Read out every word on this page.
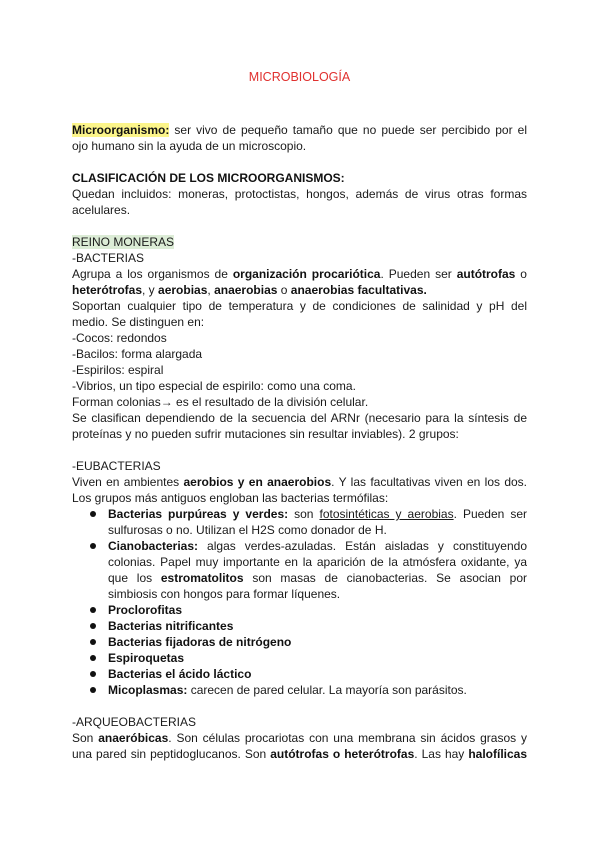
MICROBIOLOGÍA
Microorganismo: ser vivo de pequeño tamaño que no puede ser percibido por el
ojo humano sin la ayuda de un microscopio.
CLASIFICACIÓN DE LOS MICROORGANISMOS:
Quedan incluidos: moneras, protoctistas, hongos, además de virus otras formas
acelulares.
REINO MONERAS
-BACTERIAS
Agrupa a los organismos de organización procariótica. Pueden ser autótrofas o
heterótrofas, y aerobias, anaerobias o anaerobias facultativas.
Soportan cualquier tipo de temperatura y de condiciones de salinidad y pH del
medio. Se distinguen en:
-Cocos: redondos
-Bacilos: forma alargada
-Espirilos: espiral
-Vibrios, un tipo especial de espirilo: como una coma.
Forman colonias→ es el resultado de la división celular.
Se clasifican dependiendo de la secuencia del ARNr (necesario para la síntesis de
proteínas y no pueden sufrir mutaciones sin resultar inviables). 2 grupos:
-EUBACTERIAS
Viven en ambientes aerobios y en anaerobios. Y las facultativas viven en los dos.
Los grupos más antiguos engloban las bacterias termófilas:
Bacterias purpúreas y verdes: son fotosintéticas y aerobias. Pueden ser
sulfurosas o no. Utilizan el H2S como donador de H.
Cianobacterias: algas verdes-azuladas. Están aisladas y constituyendo
colonias. Papel muy importante en la aparición de la atmósfera oxidante, ya
que los estromatolitos son masas de cianobacterias. Se asocian por
simbiosis con hongos para formar líquenes.
Proclorofitas
Bacterias nitrificantes
Bacterias fijadoras de nitrógeno
Espiroquetas
Bacterias el ácido láctico
Micoplasmas: carecen de pared celular. La mayoría son parásitos.
-ARQUEOBACTERIAS
Son anaeróbicas. Son células procariotas con una membrana sin ácidos grasos y
una pared sin peptidoglucanos. Son autótrofas o heterótrofas. Las hay halofílicas
